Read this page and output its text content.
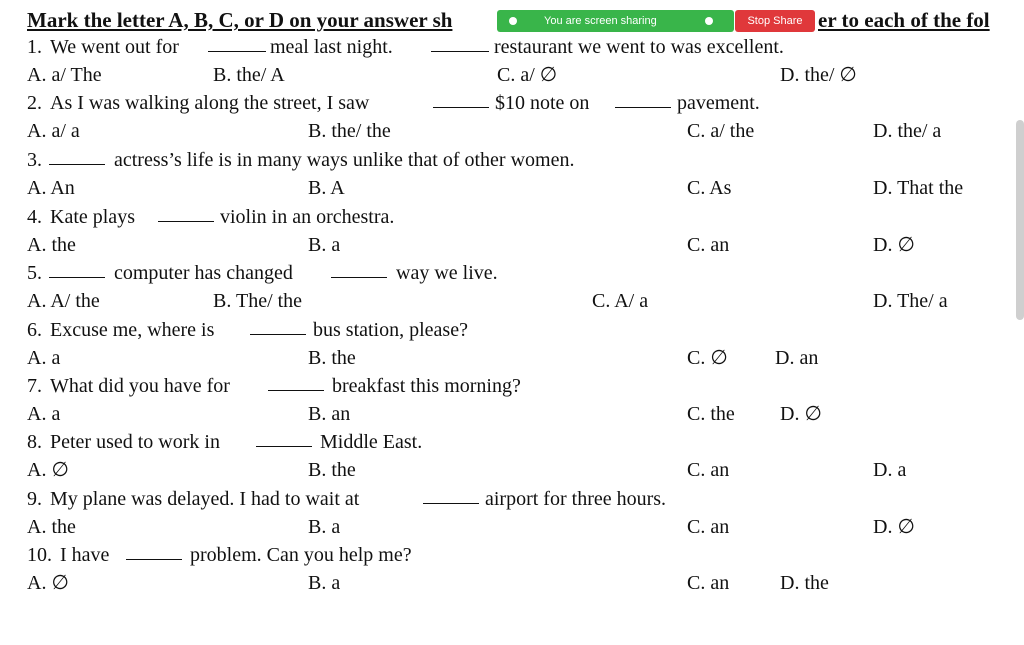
Mark the letter A, B, C, or D on your answer sh	er to each of the fol
You are screen sharing	Stop Share
1. We went out for	meal last night.	restaurant we went to was excellent.
A. a/ The	B. the/ A	C. a/ ∅	D. the/ ∅
2. As I was walking along the street, I saw	$10 note on	pavement.
A. a/ a	B. the/ the	C. a/ the	D. the/ a
3.	actress’s life is in many ways unlike that of other women.
A. An	B. A	C. As	D. That the
4. Kate plays	violin in an orchestra.
A. the	B. a	C. an	D. ∅
5.	computer has changed	way we live.
A. A/ the	B. The/ the	C. A/ a	D. The/ a
6. Excuse me, where is	bus station, please?
A. a	B. the	C. ∅ D. an
7. What did you have for	breakfast this morning?
A. a	B. an	C. the D. ∅
8. Peter used to work in	Middle East.
A. ∅	B. the	C. an	D. a
9. My plane was delayed. I had to wait at	airport for three hours.
A. the	B. a	C. an	D. ∅
10. I have	problem. Can you help me?
A. ∅	B. a	C. an	D. the
